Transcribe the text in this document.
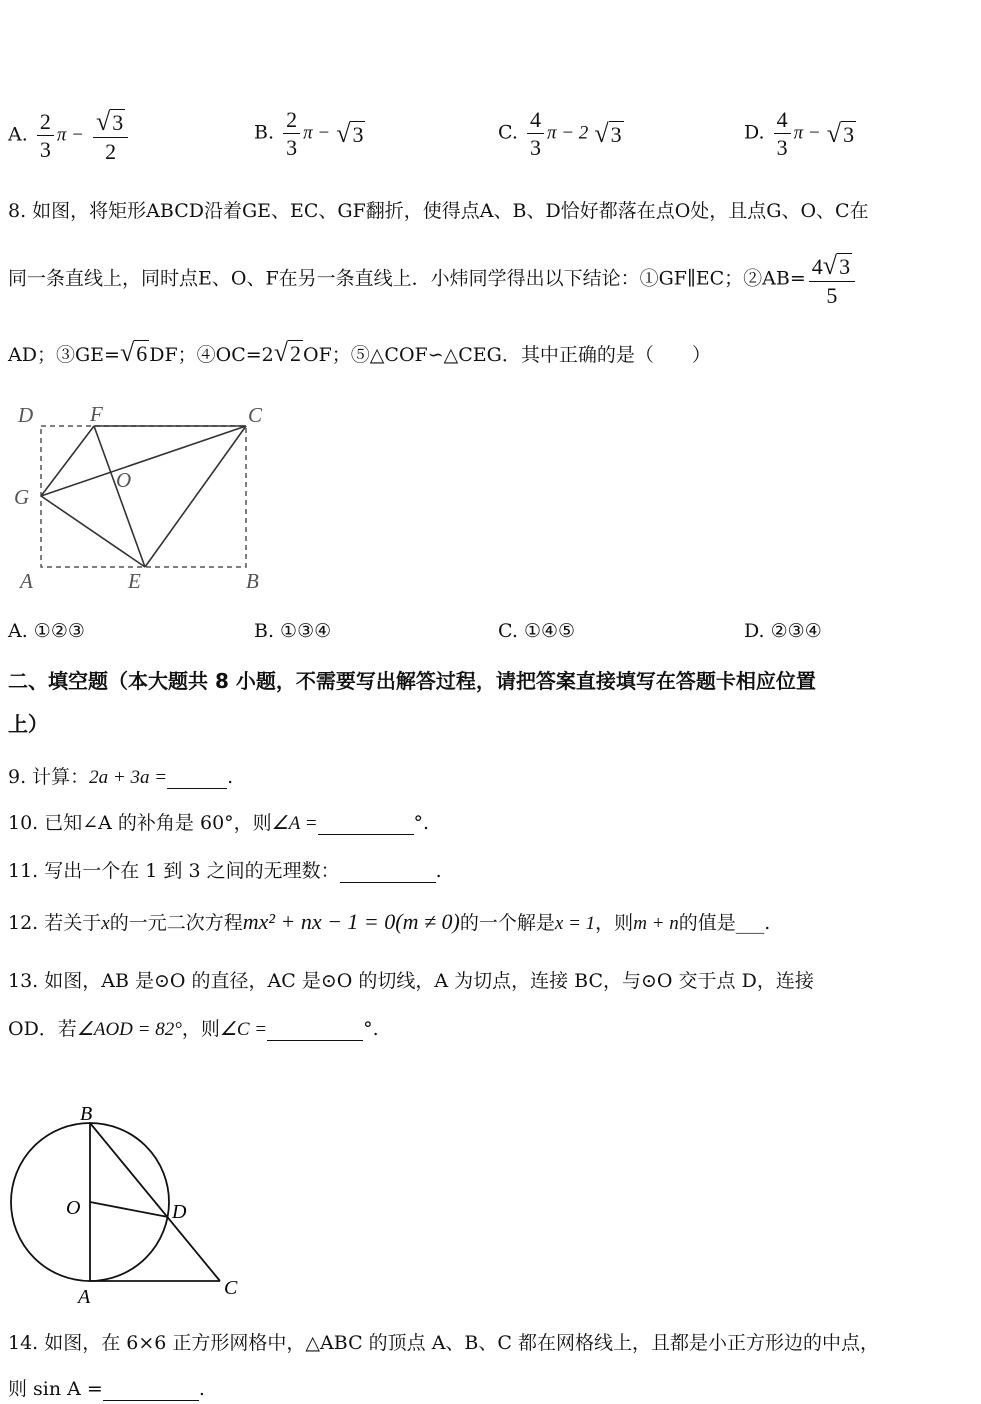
A. $\frac{2}{3}$ $\pi - \frac{√3}{2}$	B. $\frac{2}{3}$ π − √3	C. $\frac{4}{3}$ π − 2 √3	D. $\frac{4}{3}$ π − √3
8. 如图，将矩形ABCD沿着GE、EC、GF翻折，使得点A、B、D恰好都落在点O处，且点G、O、C在
同一条直线上，同时点E、O、F在另一条直线上．小炜同学得出以下结论：①GF∥EC；②AB= $\frac{4√3}{5}$
AD；③GE=√6 DF；④OC=2√2 OF；⑤△COF∽△CEG．其中正确的是（　　）
D	F	C
G
O
A	E	B
A. ①②③	B. ①③④	C. ①④⑤	D. ②③④
二、填空题（本大题共 8 小题，不需要写出解答过程，请把答案直接填写在答题卡相应位置
上）
9. 计算：2a + 3a =	.
10. 已知∠A 的补角是 60°，则∠A =	°.
11. 写出一个在 1 到 3 之间的无理数：	.
12. 若关于x的一元二次方程mx² + nx − 1 = 0(m ≠ 0)的一个解是x = 1，则m + n的值是___.
13. 如图，AB 是⊙O 的直径，AC 是⊙O 的切线，A 为切点，连接 BC，与⊙O 交于点 D，连接
OD．若∠AOD = 82°，则∠C =	°.
B
O	D
A	C
14. 如图，在 6×6 正方形网格中，△ABC 的顶点 A、B、C 都在网格线上，且都是小正方形边的中点，
则 sin A =	.
